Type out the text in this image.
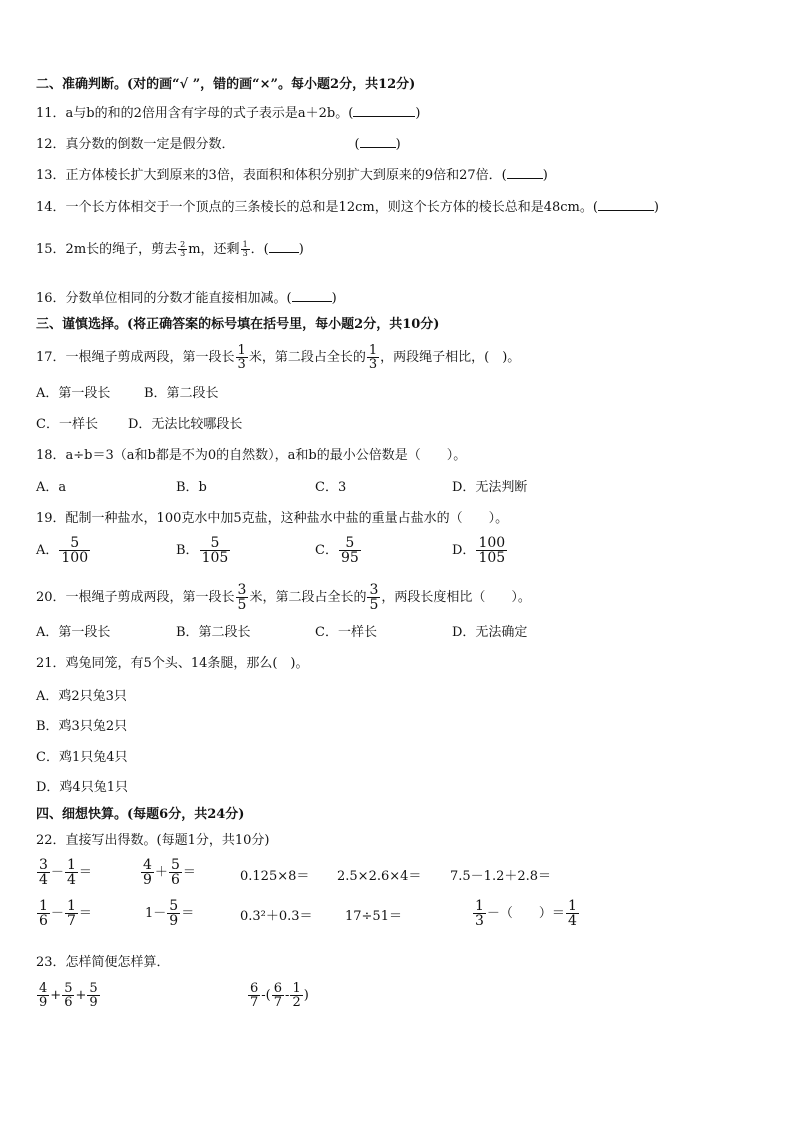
二、准确判断。(对的画“√ ”，错的画“×”。每小题2分，共12分)
11．a与b的和的2倍用含有字母的式子表示是a＋2b。(	)
12．真分数的倒数一定是假分数．	(	)
13．正方体棱长扩大到原来的3倍，表面积和体积分别扩大到原来的9倍和27倍．(	)
14．一个长方体相交于一个顶点的三条棱长的总和是12cm，则这个长方体的棱长总和是48cm。(	)
15．2m长的绳子，剪去 $\frac{2}{3}$ m，还剩 $\frac{1}{3}$ ．( )
16．分数单位相同的分数才能直接相加减。(	)
三、谨慎选择。(将正确答案的标号填在括号里，每小题2分，共10分)
17．一根绳子剪成两段，第一段长 $\frac{1}{3}$ 米，第二段占全长的 $\frac{1}{3}$ ，两段绳子相比，(　)。
A．第一段长	B．第二段长
C．一样长 D．无法比较哪段长
18．a÷b＝3（a和b都是不为0的自然数），a和b的最小公倍数是（　　）。
A．a	B．b	C．3	D．无法判断
19．配制一种盐水，100克水中加5克盐，这种盐水中盐的重量占盐水的（　　）。
A． $\frac{5}{100}$	B． $\frac{5}{105}$	C． $\frac{5}{95}$	D． $\frac{100}{105}$
20．一根绳子剪成两段，第一段长 $\frac{3}{5}$ 米，第二段占全长的 $\frac{3}{5}$ ，两段长度相比（　　）。
A．第一段长	B．第二段长	C．一样长	D．无法确定
21．鸡兔同笼，有5个头、14条腿，那么(　)。
A．鸡2只兔3只
B．鸡3只兔2只
C．鸡1只兔4只
D．鸡4只兔1只
四、细想快算。(每题6分，共24分)
22．直接写出得数。(每题1分，共10分)
$\frac{3}{4} - \frac{1}{4}$ ＝	$\frac{4}{9} + \frac{5}{6}$ ＝	0.125×8＝ 2.5×2.6×4＝ 7.5－1.2＋2.8＝
$\frac{1}{6} - \frac{1}{7}$ ＝	$1- \frac{5}{9}$ ＝	0.3²＋0.3＝ 17÷51＝	$\frac{1}{3}$ －（　　）＝ $\frac{1}{4}$
23．怎样简便怎样算．
$\frac{4}{9} + \frac{5}{6} + \frac{5}{9}$	$\frac{6}{7}$ -( $\frac{6}{7} - \frac{1}{2}$ )
